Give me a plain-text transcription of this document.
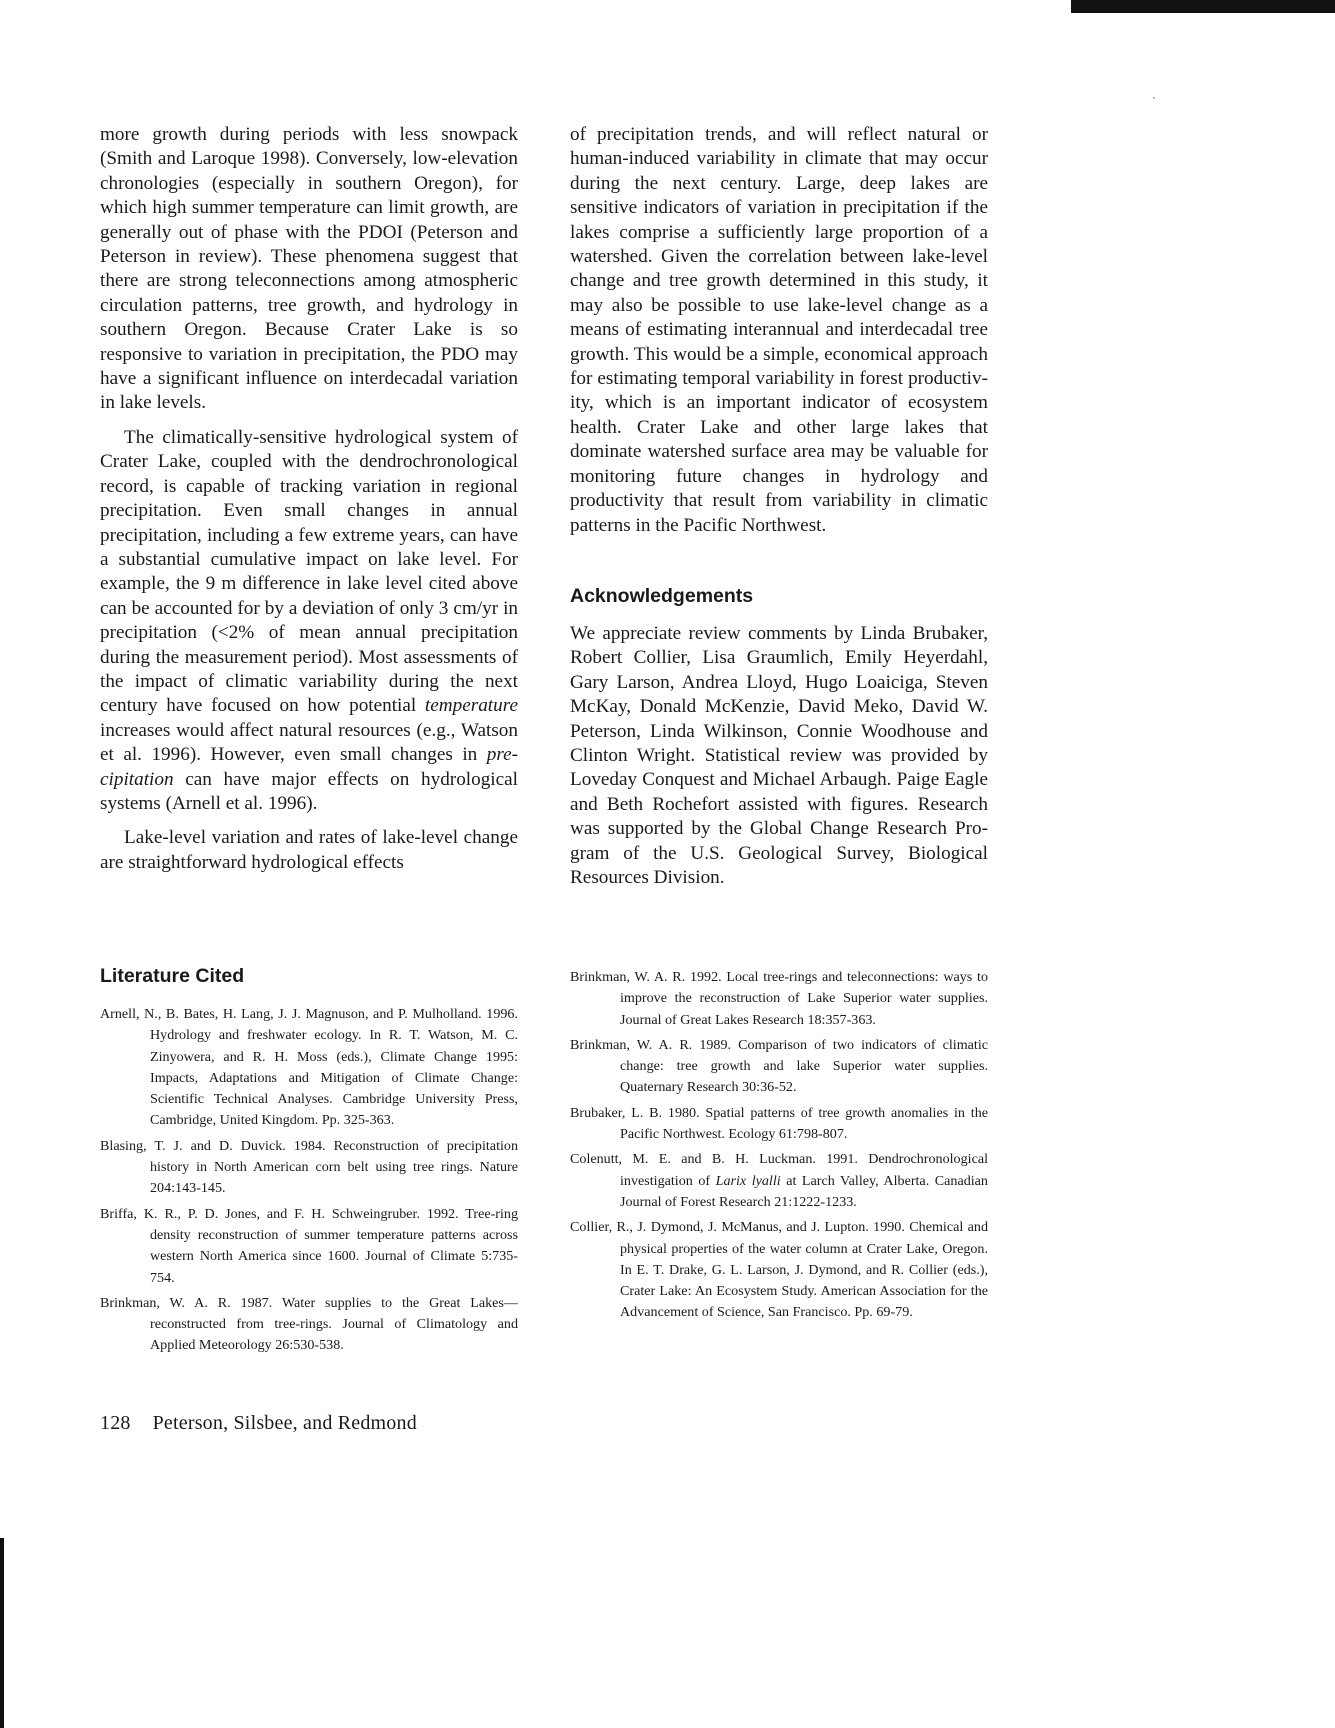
more growth during periods with less snowpack (Smith and Laroque 1998). Conversely, low-elevation chronologies (especially in southern Oregon), for which high summer temperature can limit growth, are generally out of phase with the PDOI (Peterson and Peterson in review). These phenomena suggest that there are strong teleconnections among atmospheric circulation patterns, tree growth, and hydrology in southern Oregon. Because Crater Lake is so responsive to variation in precipitation, the PDO may have a significant influence on interdecadal variation in lake levels.

The climatically-sensitive hydrological system of Crater Lake, coupled with the dendrochronological record, is capable of tracking variation in regional precipitation. Even small changes in annual precipitation, including a few extreme years, can have a substantial cumulative impact on lake level. For example, the 9 m difference in lake level cited above can be accounted for by a deviation of only 3 cm/yr in precipitation (<2% of mean annual precipitation during the measurement period). Most assessments of the impact of climatic variability during the next century have focused on how potential temperature increases would affect natural resources (e.g., Watson et al. 1996). However, even small changes in precipitation can have major effects on hydrological systems (Arnell et al. 1996).

Lake-level variation and rates of lake-level change are straightforward hydrological effects

of precipitation trends, and will reflect natural or human-induced variability in climate that may occur during the next century. Large, deep lakes are sensitive indicators of variation in precipitation if the lakes comprise a sufficiently large proportion of a watershed. Given the correlation between lake-level change and tree growth determined in this study, it may also be possible to use lake-level change as a means of estimating interannual and interdecadal tree growth. This would be a simple, economical approach for estimating temporal variability in forest productivity, which is an important indicator of ecosystem health. Crater Lake and other large lakes that dominate watershed surface area may be valuable for monitoring future changes in hydrology and productivity that result from variability in climatic patterns in the Pacific Northwest.

Acknowledgements
We appreciate review comments by Linda Brubaker, Robert Collier, Lisa Graumlich, Emily Heyerdahl, Gary Larson, Andrea Lloyd, Hugo Loaiciga, Steven McKay, Donald McKenzie, David Meko, David W. Peterson, Linda Wilkinson, Connie Woodhouse and Clinton Wright. Statistical review was provided by Loveday Conquest and Michael Arbaugh. Paige Eagle and Beth Rochefort assisted with figures. Research was supported by the Global Change Research Program of the U.S. Geological Survey, Biological Resources Division.
Literature Cited

Arnell, N., B. Bates, H. Lang, J. J. Magnuson, and P. Mulholland. 1996. Hydrology and freshwater ecology. In R. T. Watson, M. C. Zinyowera, and R. H. Moss (eds.), Climate Change 1995: Impacts, Adaptations and Mitigation of Climate Change: Scientific Technical Analyses. Cambridge University Press, Cambridge, United Kingdom. Pp. 325-363.

Blasing, T. J. and D. Duvick. 1984. Reconstruction of precipitation history in North American corn belt using tree rings. Nature 204:143-145.

Briffa, K. R., P. D. Jones, and F. H. Schweingruber. 1992. Tree-ring density reconstruction of summer temperature patterns across western North America since 1600. Journal of Climate 5:735-754.

Brinkman, W. A. R. 1987. Water supplies to the Great Lakes—reconstructed from tree-rings. Journal of Climatology and Applied Meteorology 26:530-538.

Brinkman, W. A. R. 1992. Local tree-rings and teleconnections: ways to improve the reconstruction of Lake Superior water supplies. Journal of Great Lakes Research 18:357-363.

Brinkman, W. A. R. 1989. Comparison of two indicators of climatic change: tree growth and lake Superior water supplies. Quaternary Research 30:36-52.

Brubaker, L. B. 1980. Spatial patterns of tree growth anomalies in the Pacific Northwest. Ecology 61:798-807.

Colenutt, M. E. and B. H. Luckman. 1991. Dendrochronological investigation of Larix lyalli at Larch Valley, Alberta. Canadian Journal of Forest Research 21:1222-1233.

Collier, R., J. Dymond, J. McManus, and J. Lupton. 1990. Chemical and physical properties of the water column at Crater Lake, Oregon. In E. T. Drake, G. L. Larson, J. Dymond, and R. Collier (eds.), Crater Lake: An Ecosystem Study. American Association for the Advancement of Science, San Francisco. Pp. 69-79.

128 Peterson, Silsbee, and Redmond
